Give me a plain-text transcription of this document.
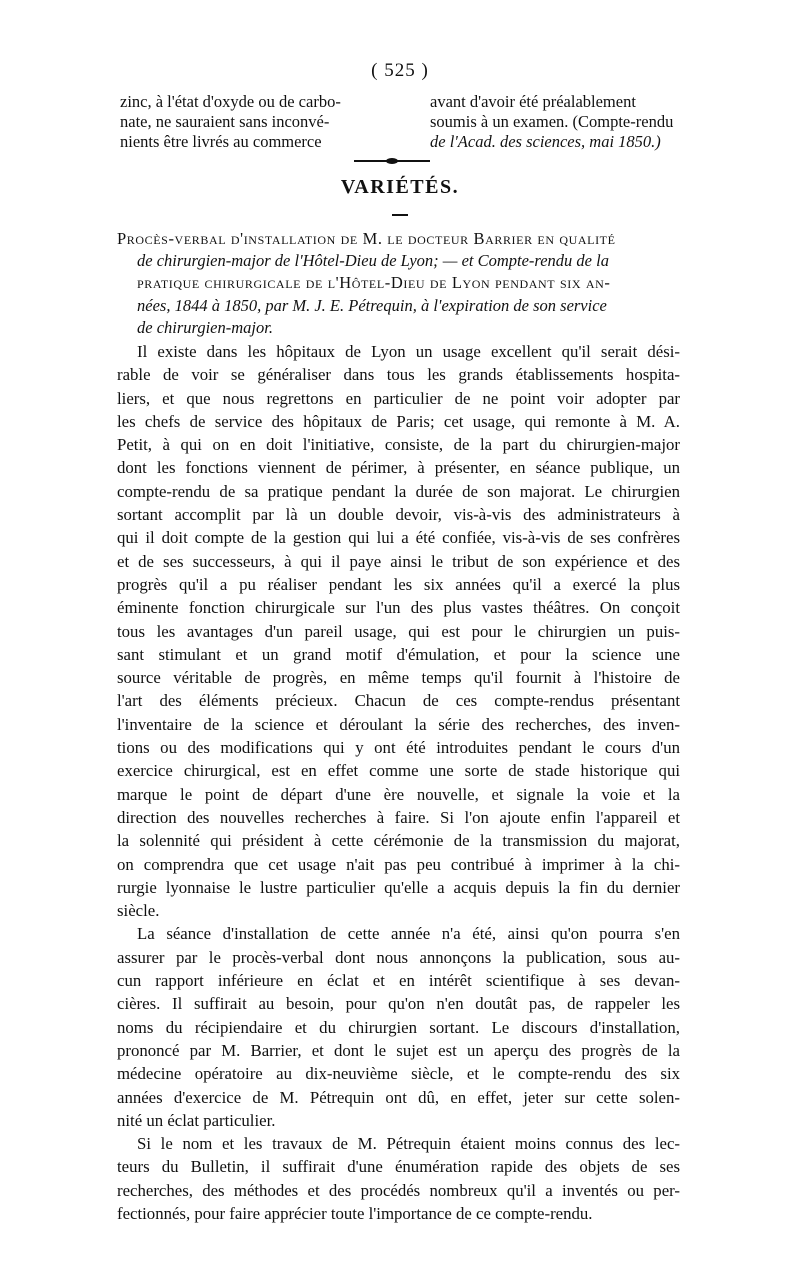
( 525 )
zinc, à l'état d'oxyde ou de carbo-
nate, ne sauraient sans inconvé-
nients être livrés au commerce
avant d'avoir été préalablement
soumis à un examen. (Compte-rendu
de l'Acad. des sciences, mai 1850.)
VARIÉTÉS.
Procès-verbal d'installation de M. le docteur Barrier en qualité
de chirurgien-major de l'Hôtel-Dieu de Lyon; — et Compte-rendu de la
pratique chirurgicale de l'Hôtel-Dieu de Lyon pendant six an-
nées, 1844 à 1850, par M. J. E. Pétrequin, à l'expiration de son service
de chirurgien-major.
Il existe dans les hôpitaux de Lyon un usage excellent qu'il serait dési-
rable de voir se généraliser dans tous les grands établissements hospita-
liers, et que nous regrettons en particulier de ne point voir adopter par
les chefs de service des hôpitaux de Paris; cet usage, qui remonte à M. A.
Petit, à qui on en doit l'initiative, consiste, de la part du chirurgien-major
dont les fonctions viennent de périmer, à présenter, en séance publique, un
compte-rendu de sa pratique pendant la durée de son majorat. Le chirurgien
sortant accomplit par là un double devoir, vis-à-vis des administrateurs à
qui il doit compte de la gestion qui lui a été confiée, vis-à-vis de ses confrères
et de ses successeurs, à qui il paye ainsi le tribut de son expérience et des
progrès qu'il a pu réaliser pendant les six années qu'il a exercé la plus
éminente fonction chirurgicale sur l'un des plus vastes théâtres. On conçoit
tous les avantages d'un pareil usage, qui est pour le chirurgien un puis-
sant stimulant et un grand motif d'émulation, et pour la science une
source véritable de progrès, en même temps qu'il fournit à l'histoire de
l'art des éléments précieux. Chacun de ces compte-rendus présentant
l'inventaire de la science et déroulant la série des recherches, des inven-
tions ou des modifications qui y ont été introduites pendant le cours d'un
exercice chirurgical, est en effet comme une sorte de stade historique qui
marque le point de départ d'une ère nouvelle, et signale la voie et la
direction des nouvelles recherches à faire. Si l'on ajoute enfin l'appareil et
la solennité qui président à cette cérémonie de la transmission du majorat,
on comprendra que cet usage n'ait pas peu contribué à imprimer à la chi-
rurgie lyonnaise le lustre particulier qu'elle a acquis depuis la fin du dernier
siècle.
La séance d'installation de cette année n'a été, ainsi qu'on pourra s'en
assurer par le procès-verbal dont nous annonçons la publication, sous au-
cun rapport inférieure en éclat et en intérêt scientifique à ses devan-
cières. Il suffirait au besoin, pour qu'on n'en doutât pas, de rappeler les
noms du récipiendaire et du chirurgien sortant. Le discours d'installation,
prononcé par M. Barrier, et dont le sujet est un aperçu des progrès de la
médecine opératoire au dix-neuvième siècle, et le compte-rendu des six
années d'exercice de M. Pétrequin ont dû, en effet, jeter sur cette solen-
nité un éclat particulier.
Si le nom et les travaux de M. Pétrequin étaient moins connus des lec-
teurs du Bulletin, il suffirait d'une énumération rapide des objets de ses
recherches, des méthodes et des procédés nombreux qu'il a inventés ou per-
fectionnés, pour faire apprécier toute l'importance de ce compte-rendu.
